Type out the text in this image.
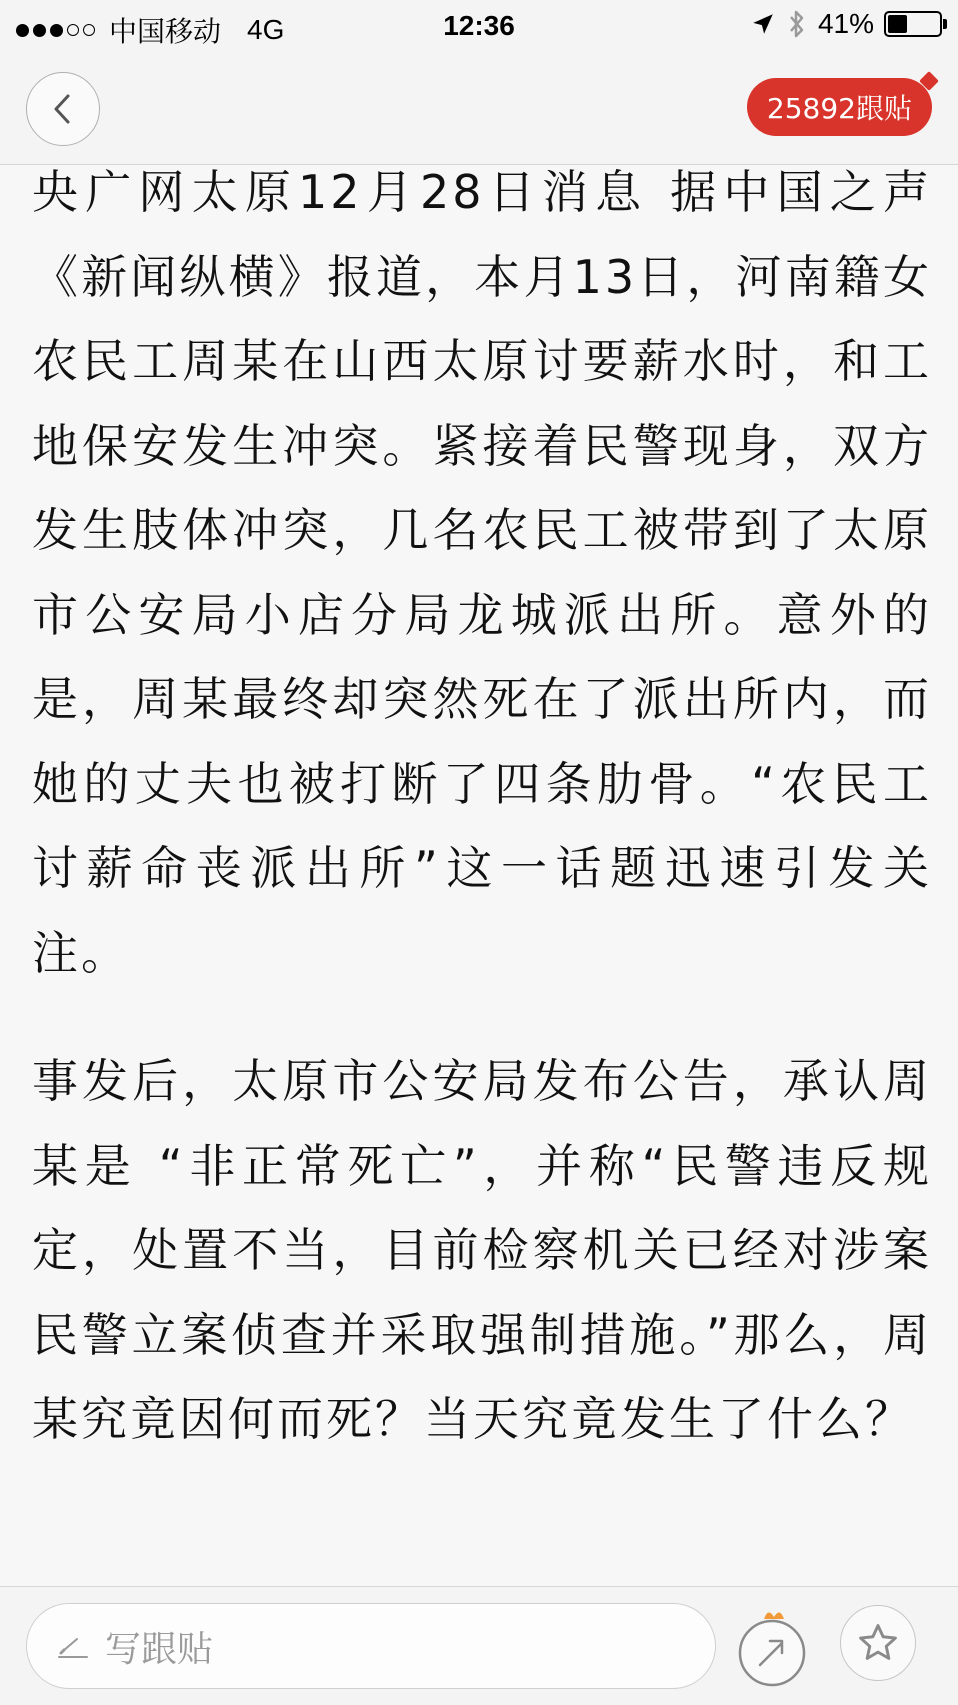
中国移动 4G	12:36	41%
25892跟贴

央广网太原12月28日消息 据中国之声《新闻纵横》报道，本月13日，河南籍女农民工周某在山西太原讨要薪水时，和工地保安发生冲突。紧接着民警现身，双方发生肢体冲突，几名农民工被带到了太原市公安局小店分局龙城派出所。意外的是，周某最终却突然死在了派出所内，而她的丈夫也被打断了四条肋骨。“农民工讨薪命丧派出所”这一话题迅速引发关注。

事发后，太原市公安局发布公告，承认周某是 “非正常死亡”，并称“民警违反规定，处置不当，目前检察机关已经对涉案民警立案侦查并采取强制措施。”那么，周某究竟因何而死？当天究竟发生了什么？

写跟贴
